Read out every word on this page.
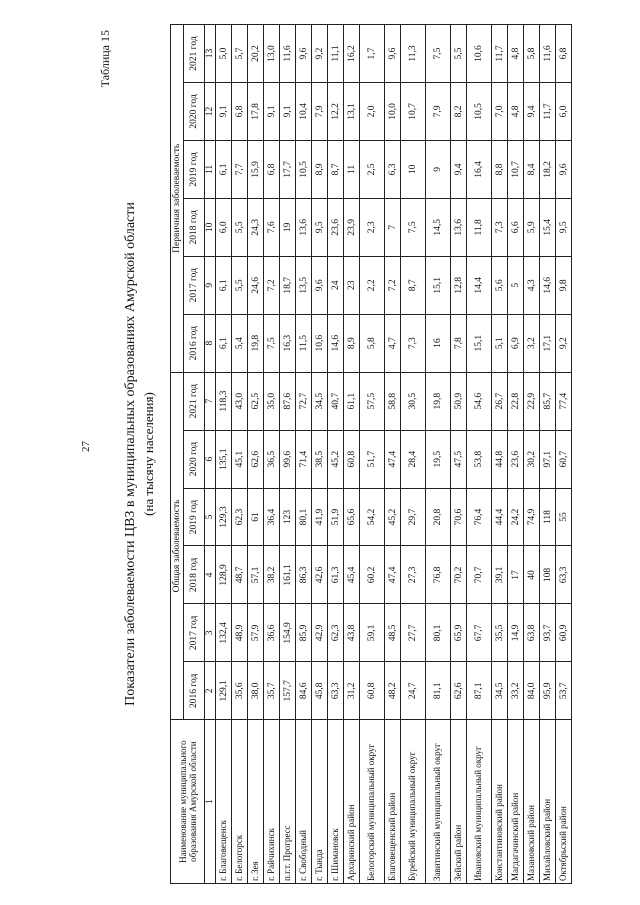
27
Таблица 15
Показатели заболеваемости ЦВЗ в муниципальных образованиях Амурской области (на тысячу населения)
Наименование муниципального образования Амурской области	Общая заболеваемость						Первичная заболеваемость					
	2016 год	2017 год	2018 год	2019 год	2020 год	2021 год	2016 год	2017 год	2018 год	2019 год	2020 год	2021 год
1	2	3	4	5	6	7	8	9	10	11	12	13
г. Благовещенск	129,1	132,4	128,9	129,3	135,1	118,3	6,1	6,1	6,0	6,1	9,1	5,0
г. Белогорск	35,6	48,9	48,7	62,3	45,1	43,0	5,4	5,5	5,5	7,7	6,8	5,7
г. Зея	38,0	57,9	57,1	61	62,6	62,5	19,8	24,6	24,3	15,9	17,8	20,2
г. Райчихинск	35,7	36,6	38,2	36,4	36,5	35,0	7,5	7,2	7,6	6,8	9,1	13,0
п.г.т. Прогресс	157,7	154,9	161,1	123	99,6	87,6	16,3	18,7	19	17,7	9,1	11,6
г. Свободный	84,6	85,9	86,3	80,1	71,4	72,7	11,5	13,5	13,6	10,5	10,4	9,6
г. Тында	45,8	42,9	42,6	41,9	38,5	34,5	10,6	9,6	9,5	8,9	7,9	9,2
г. Шимановск	63,3	62,3	61,3	51,9	45,2	40,7	14,6	24	23,6	8,7	12,2	11,1
Архаринский район	31,2	43,8	45,4	65,6	60,8	61,1	8,9	23	23,9	11	13,1	16,2
Белогорский муниципальный округ	60,8	59,1	60,2	54,2	51,7	57,5	5,8	2,2	2,3	2,5	2,0	1,7
Благовещенский район	48,2	48,5	47,4	45,2	47,4	58,8	4,7	7,2	7	6,3	10,0	9,6
Бурейский муниципальный округ	24,7	27,7	27,3	29,7	28,4	30,5	7,3	8,7	7,5	10	10,7	11,3
Завитинский муниципальный округ	81,1	80,1	76,8	20,8	19,5	19,8	16	15,1	14,5	9	7,9	7,5
Зейский район	62,6	65,9	70,2	70,6	47,5	50,9	7,8	12,8	13,6	9,4	8,2	5,5
Ивановский муниципальный округ	87,1	67,7	70,7	76,4	53,8	54,6	15,1	14,4	11,8	16,4	10,5	10,6
Константиновский район	34,5	35,5	39,1	44,4	44,8	26,7	5,1	5,6	7,3	8,8	7,0	11,7
Магдагачинский район	33,2	14,9	17	24,2	23,6	22,8	6,9	5	6,6	10,7	4,8	4,8
Мазановский район	84,0	63,8	40	74,9	30,2	22,9	3,2	4,3	5,9	8,4	9,4	5,8
Михайловский район	95,9	93,7	108	118	97,1	85,7	17,1	14,6	15,4	18,2	11,7	11,6
Октябрьский район	53,7	60,9	63,3	55	60,7	77,4	9,2	9,8	9,5	9,6	6,0	6,8
